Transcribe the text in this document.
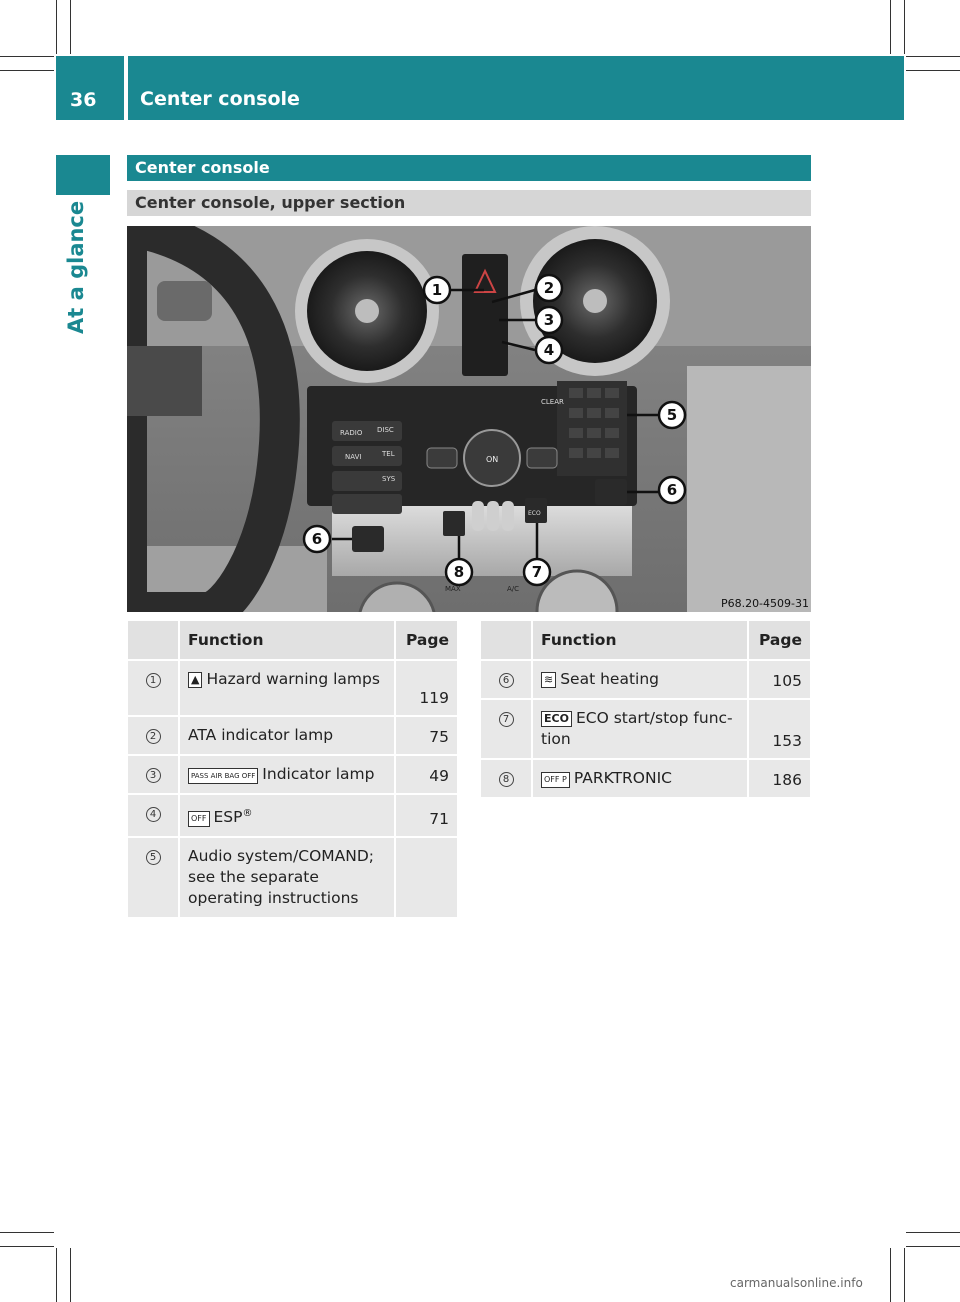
36 Center console
At a glance
Center console
Center console, upper section
RADIO DISC
NAVI	TEL
SYS
CLEAR
ON
ECO
MAX	A/C
1	2
3
4
5
6
6
7
8
P68.20-4509-31
	Function	Page
1	▲ Hazard warning lamps	119
2	ATA indicator lamp	75
3	PASS AIR BAG OFF Indicator lamp	49
4	OFF ESP®	71
5	Audio system/COMAND; see the separate operating instructions	
	Function	Page
6	≋ Seat heating	105
7	ECO ECO start/stop func-tion	153
8	OFF P PARKTRONIC	186
carmanualsonline.info
